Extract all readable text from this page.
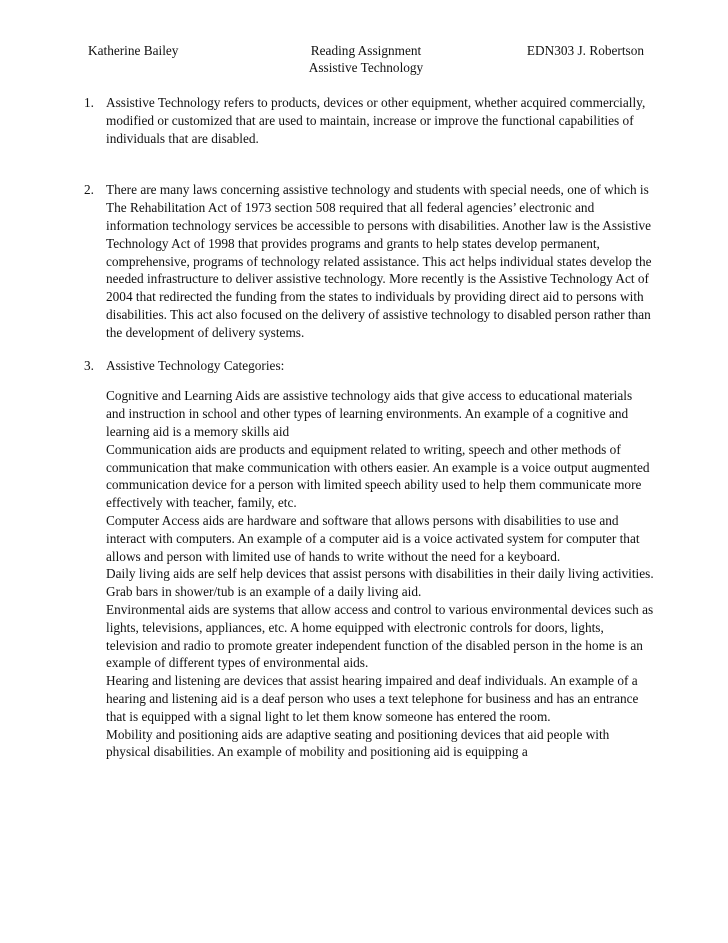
Katherine Bailey	Reading Assignment
Assistive Technology
EDN303 J. Robertson
1. Assistive Technology refers to products, devices or other equipment, whether acquired commercially, modified or customized that are used to maintain, increase or improve the functional capabilities of individuals that are disabled.

2. There are many laws concerning assistive technology and students with special needs, one of which is The Rehabilitation Act of 1973 section 508 required that all federal agencies’ electronic and information technology services be accessible to persons with disabilities. Another law is the Assistive Technology Act of 1998 that provides programs and grants to help states develop permanent, comprehensive, programs of technology related assistance. This act helps individual states develop the needed infrastructure to deliver assistive technology. More recently is the Assistive Technology Act of 2004 that redirected the funding from the states to individuals by providing direct aid to persons with disabilities. This act also focused on the delivery of assistive technology to disabled person rather than the development of delivery systems.

3. Assistive Technology Categories:

Cognitive and Learning Aids are assistive technology aids that give access to educational materials and instruction in school and other types of learning environments. An example of a cognitive and learning aid is a memory skills aid

Communication aids are products and equipment related to writing, speech and other methods of communication that make communication with others easier. An example is a voice output augmented communication device for a person with limited speech ability used to help them communicate more effectively with teacher, family, etc.

Computer Access aids are hardware and software that allows persons with disabilities to use and interact with computers. An example of a computer aid is a voice activated system for computer that allows and person with limited use of hands to write without the need for a keyboard.

Daily living aids are self help devices that assist persons with disabilities in their daily living activities. Grab bars in shower/tub is an example of a daily living aid.

Environmental aids are systems that allow access and control to various environmental devices such as lights, televisions, appliances, etc. A home equipped with electronic controls for doors, lights, television and radio to promote greater independent function of the disabled person in the home is an example of different types of environmental aids.

Hearing and listening are devices that assist hearing impaired and deaf individuals. An example of a hearing and listening aid is a deaf person who uses a text telephone for business and has an entrance that is equipped with a signal light to let them know someone has entered the room.

Mobility and positioning aids are adaptive seating and positioning devices that aid people with physical disabilities. An example of mobility and positioning aid is equipping a
